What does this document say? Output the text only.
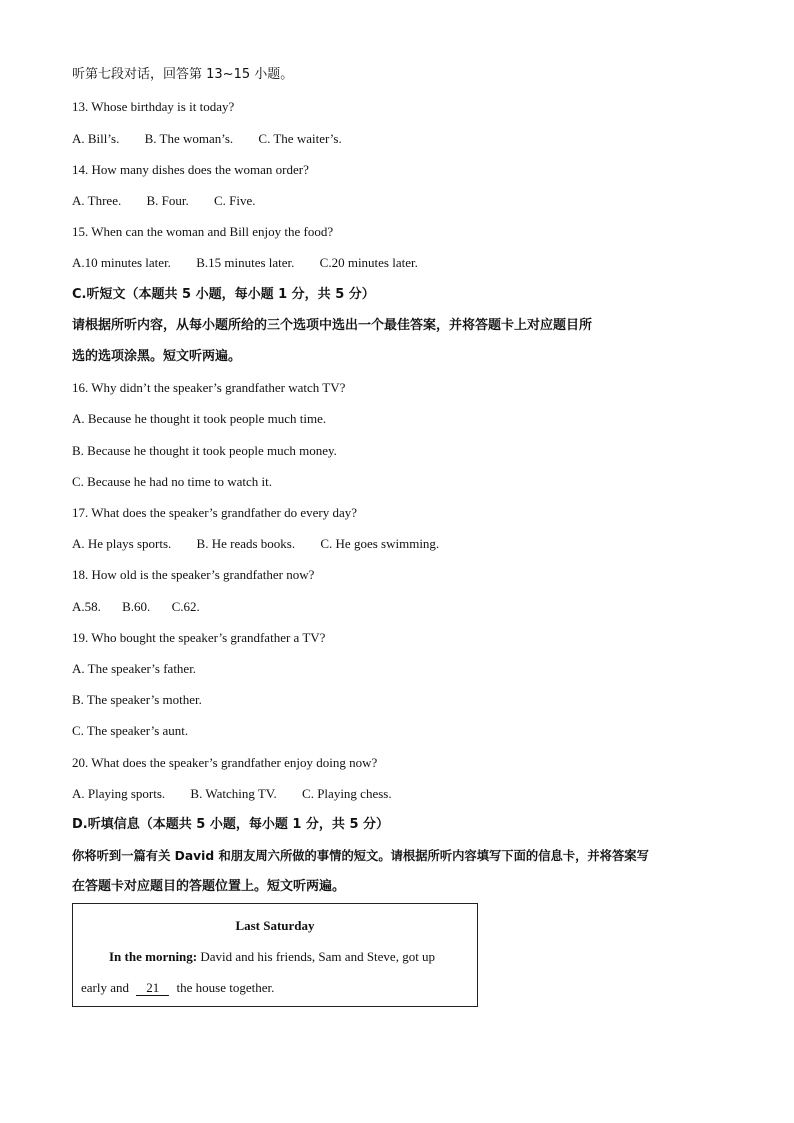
听第七段对话，回答第 13~15 小题。
13. Whose birthday is it today?
A. Bill’s. B. The woman’s. C. The waiter’s.
14. How many dishes does the woman order?
A. Three. B. Four. C. Five.
15. When can the woman and Bill enjoy the food?
A.10 minutes later. B.15 minutes later. C.20 minutes later.
C.听短文（本题共 5 小题，每小题 1 分，共 5 分）
请根据所听内容，从每小题所给的三个选项中选出一个最佳答案，并将答题卡上对应题目所
选的选项涂黑。短文听两遍。
16. Why didn’t the speaker’s grandfather watch TV?
A. Because he thought it took people much time.
B. Because he thought it took people much money.
C. Because he had no time to watch it.
17. What does the speaker’s grandfather do every day?
A. He plays sports. B. He reads books. C. He goes swimming.
18. How old is the speaker’s grandfather now?
A.58. B.60. C.62.
19. Who bought the speaker’s grandfather a TV?
A. The speaker’s father.
B. The speaker’s mother.
C. The speaker’s aunt.
20. What does the speaker’s grandfather enjoy doing now?
A. Playing sports. B. Watching TV. C. Playing chess.
D.听填信息（本题共 5 小题，每小题 1 分，共 5 分）
你将听到一篇有关 David 和朋友周六所做的事情的短文。请根据所听内容填写下面的信息卡，并将答案写
在答题卡对应题目的答题位置上。短文听两遍。
Last Saturday
In the morning: David and his friends, Sam and Steve, got up
early and 21 the house together.
